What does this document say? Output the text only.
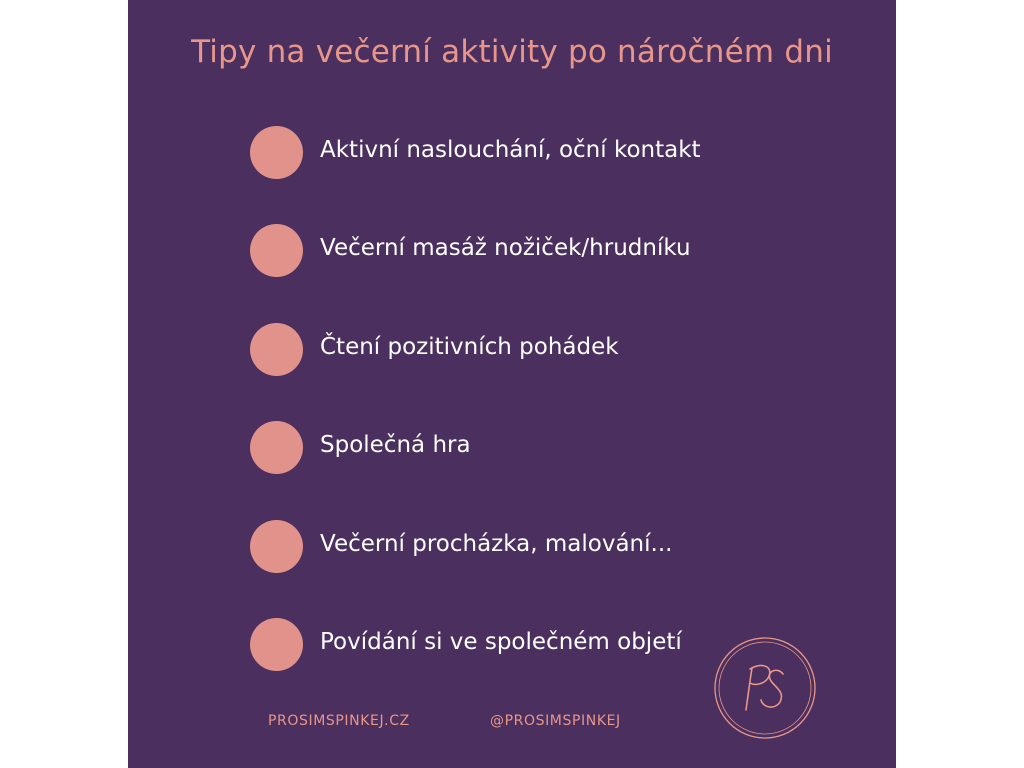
Tipy na večerní aktivity po náročném dni
Aktivní naslouchání, oční kontakt
Večerní masáž nožiček/hrudníku
Čtení pozitivních pohádek
Společná hra
Večerní procházka, malování...
Povídání si ve společném objetí
PROSIMSPINKEJ.CZ	@PROSIMSPINKEJ
